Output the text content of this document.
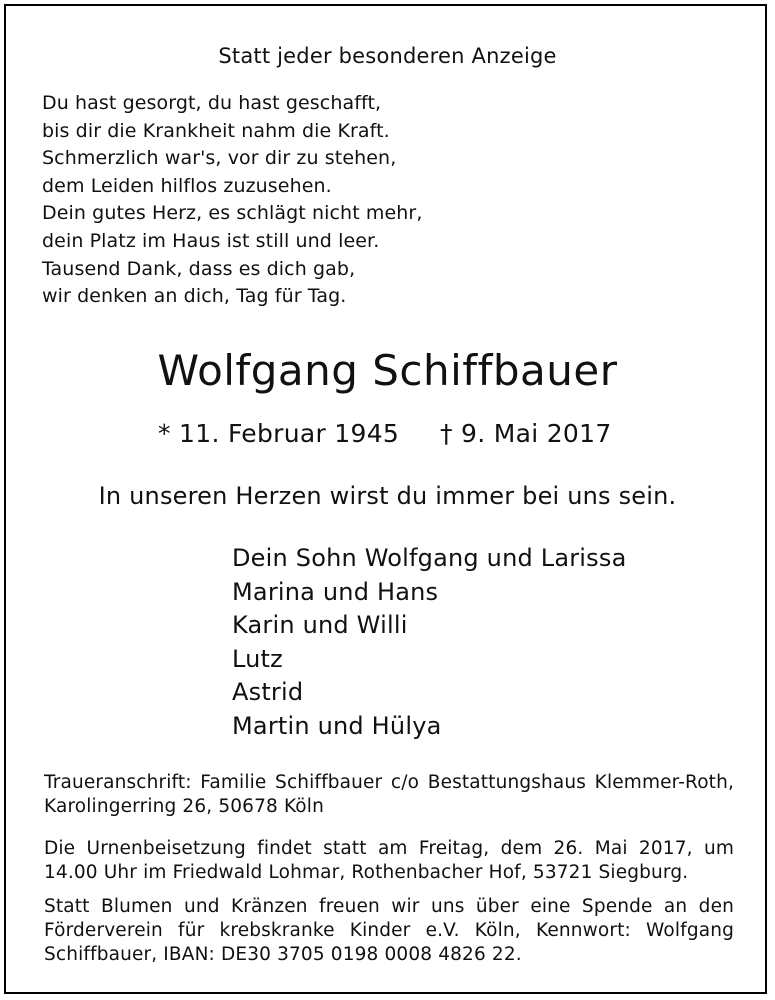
Statt jeder besonderen Anzeige
Du hast gesorgt, du hast geschafft,
bis dir die Krankheit nahm die Kraft.
Schmerzlich war's, vor dir zu stehen,
dem Leiden hilflos zuzusehen.
Dein gutes Herz, es schlägt nicht mehr,
dein Platz im Haus ist still und leer.
Tausend Dank, dass es dich gab,
wir denken an dich, Tag für Tag.
Wolfgang Schiffbauer
* 11. Februar 1945 † 9. Mai 2017
In unseren Herzen wirst du immer bei uns sein.
Dein Sohn Wolfgang und Larissa
Marina und Hans
Karin und Willi
Lutz
Astrid
Martin und Hülya
Traueranschrift: Familie Schiffbauer c/o Bestattungshaus Klemmer-Roth, Karolingerring 26, 50678 Köln
Die Urnenbeisetzung findet statt am Freitag, dem 26. Mai 2017, um 14.00 Uhr im Friedwald Lohmar, Rothenbacher Hof, 53721 Siegburg.
Statt Blumen und Kränzen freuen wir uns über eine Spende an den Förderverein für krebskranke Kinder e.V. Köln, Kennwort: Wolfgang Schiffbauer, IBAN: DE30 3705 0198 0008 4826 22.
